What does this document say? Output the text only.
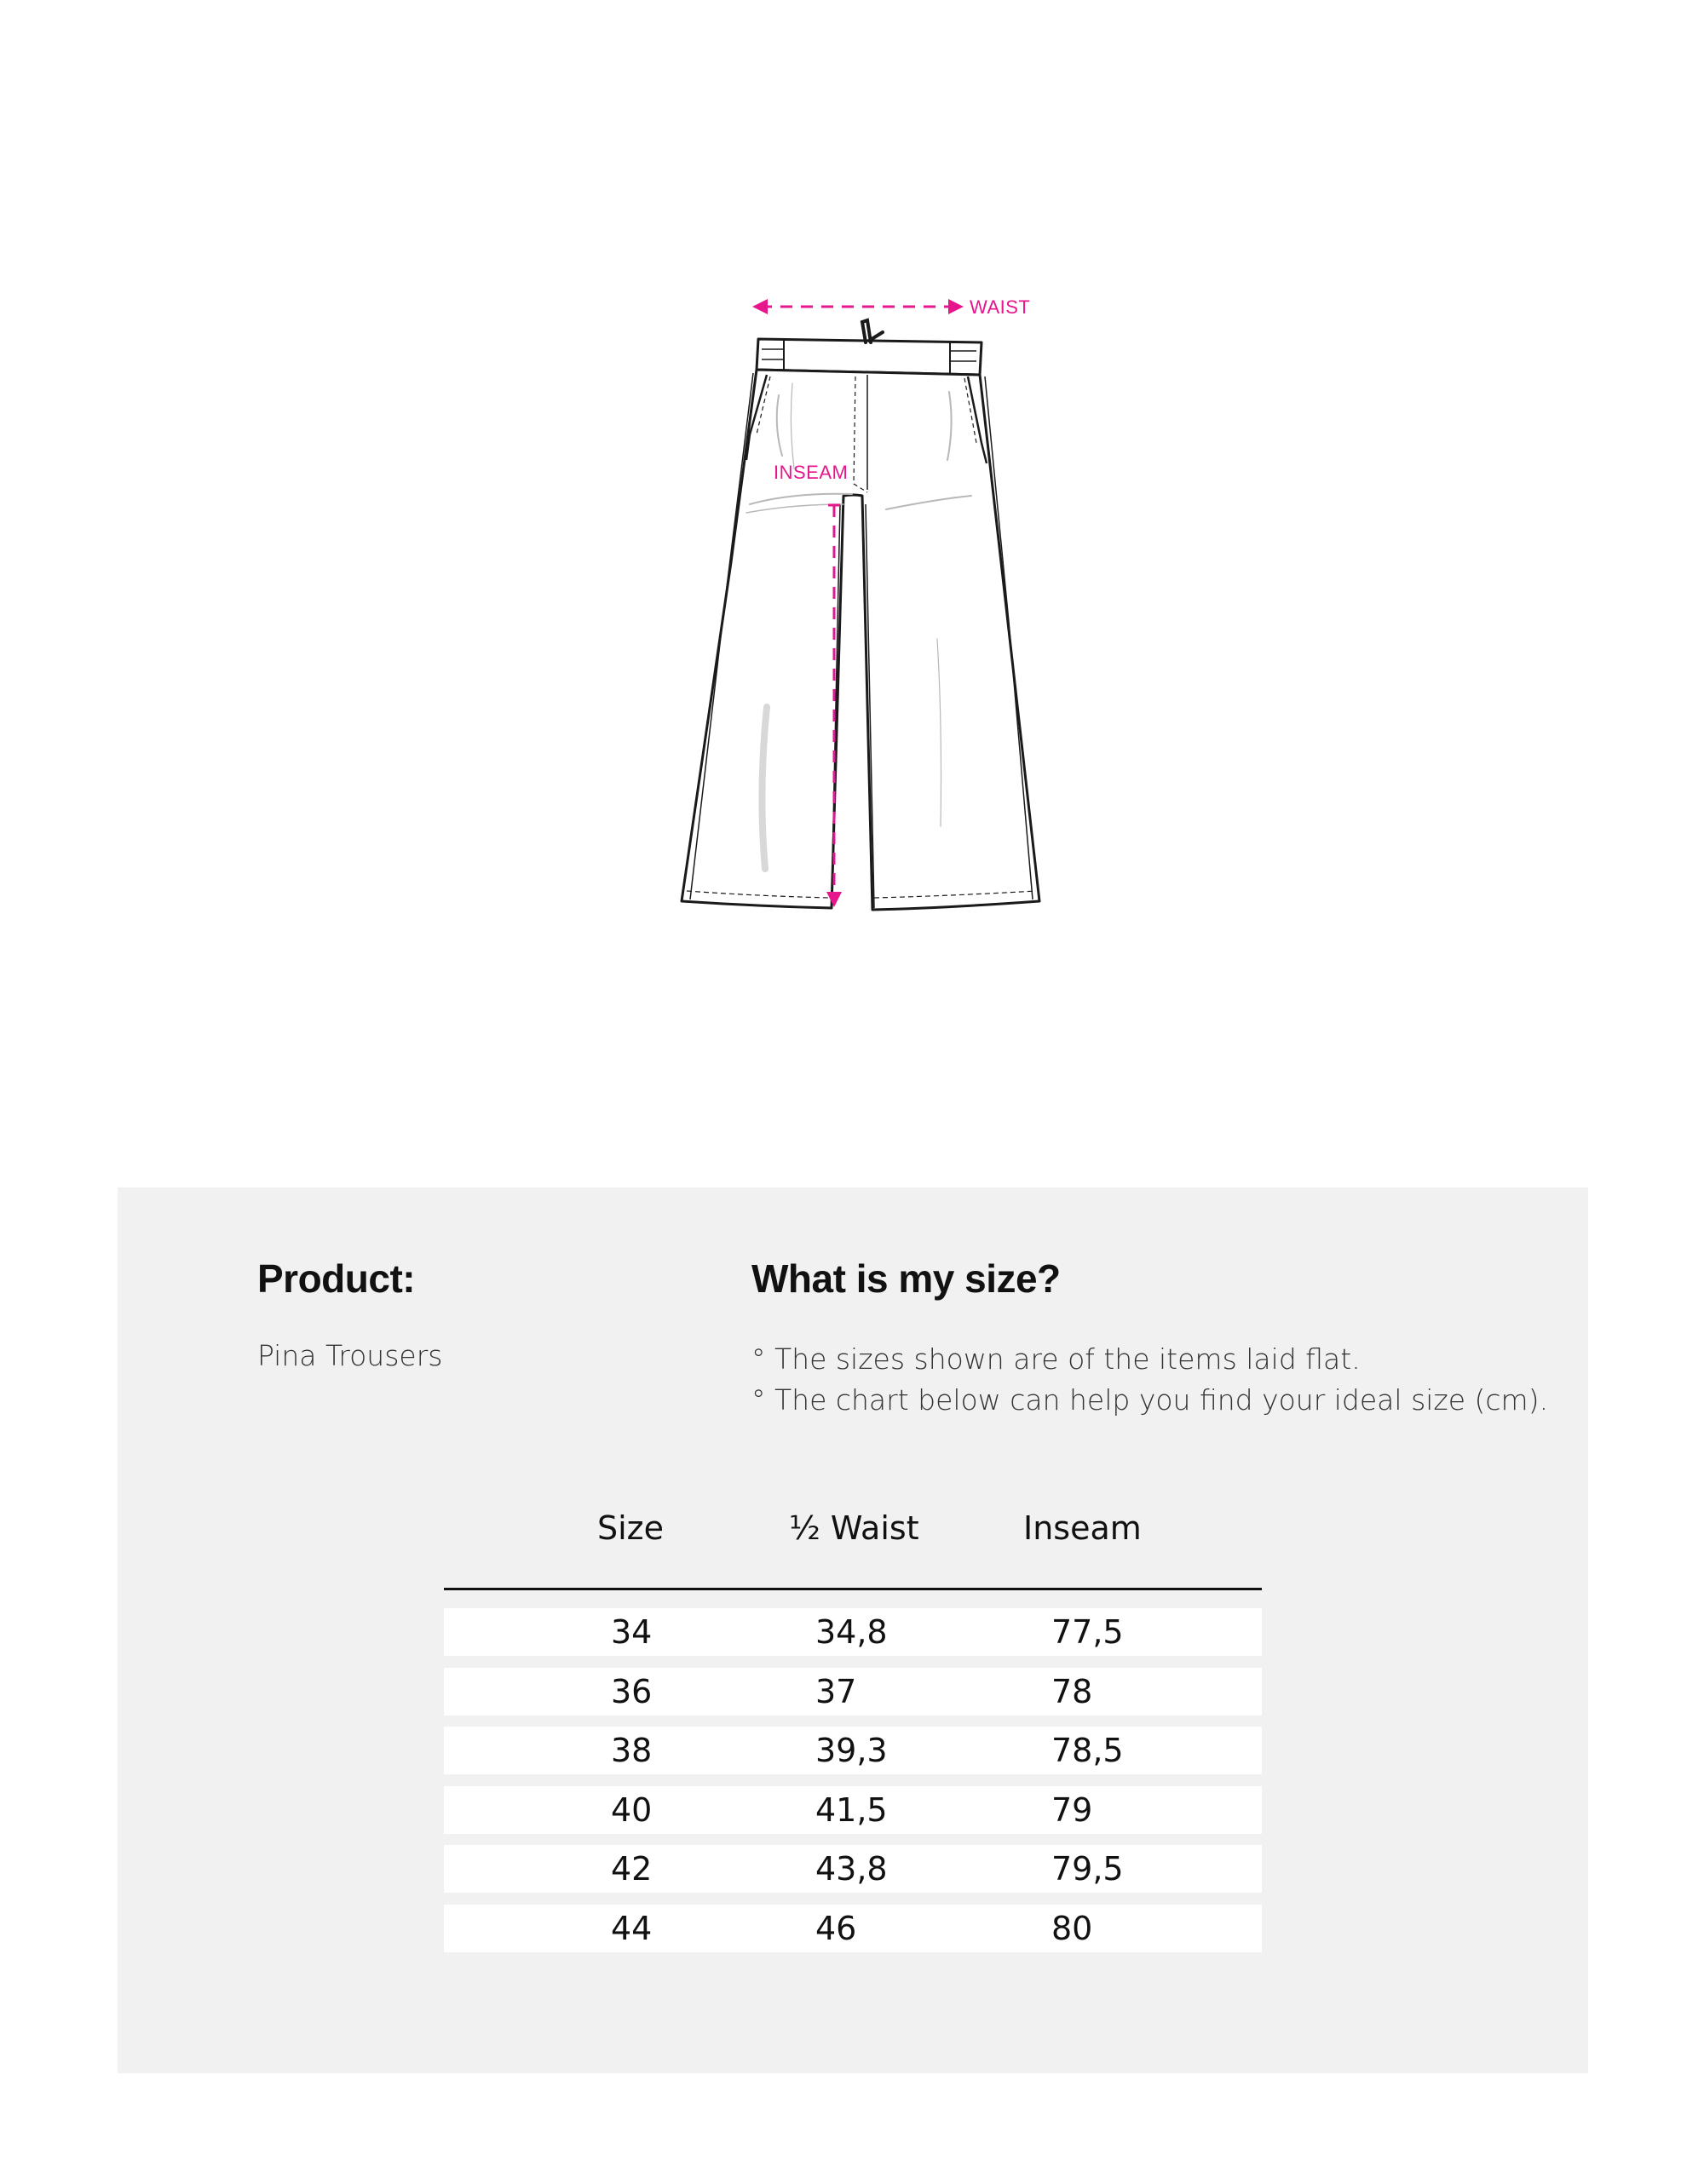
WAIST
INSEAM
Product:

Pina Trousers

What is my size?

° The sizes shown are of the items laid flat.
° The chart below can help you find your ideal size (cm).

Size	½ Waist	Inseam
34	34,8	77,5
36	37	78
38	39,3	78,5
40	41,5	79
42	43,8	79,5
44	46	80
